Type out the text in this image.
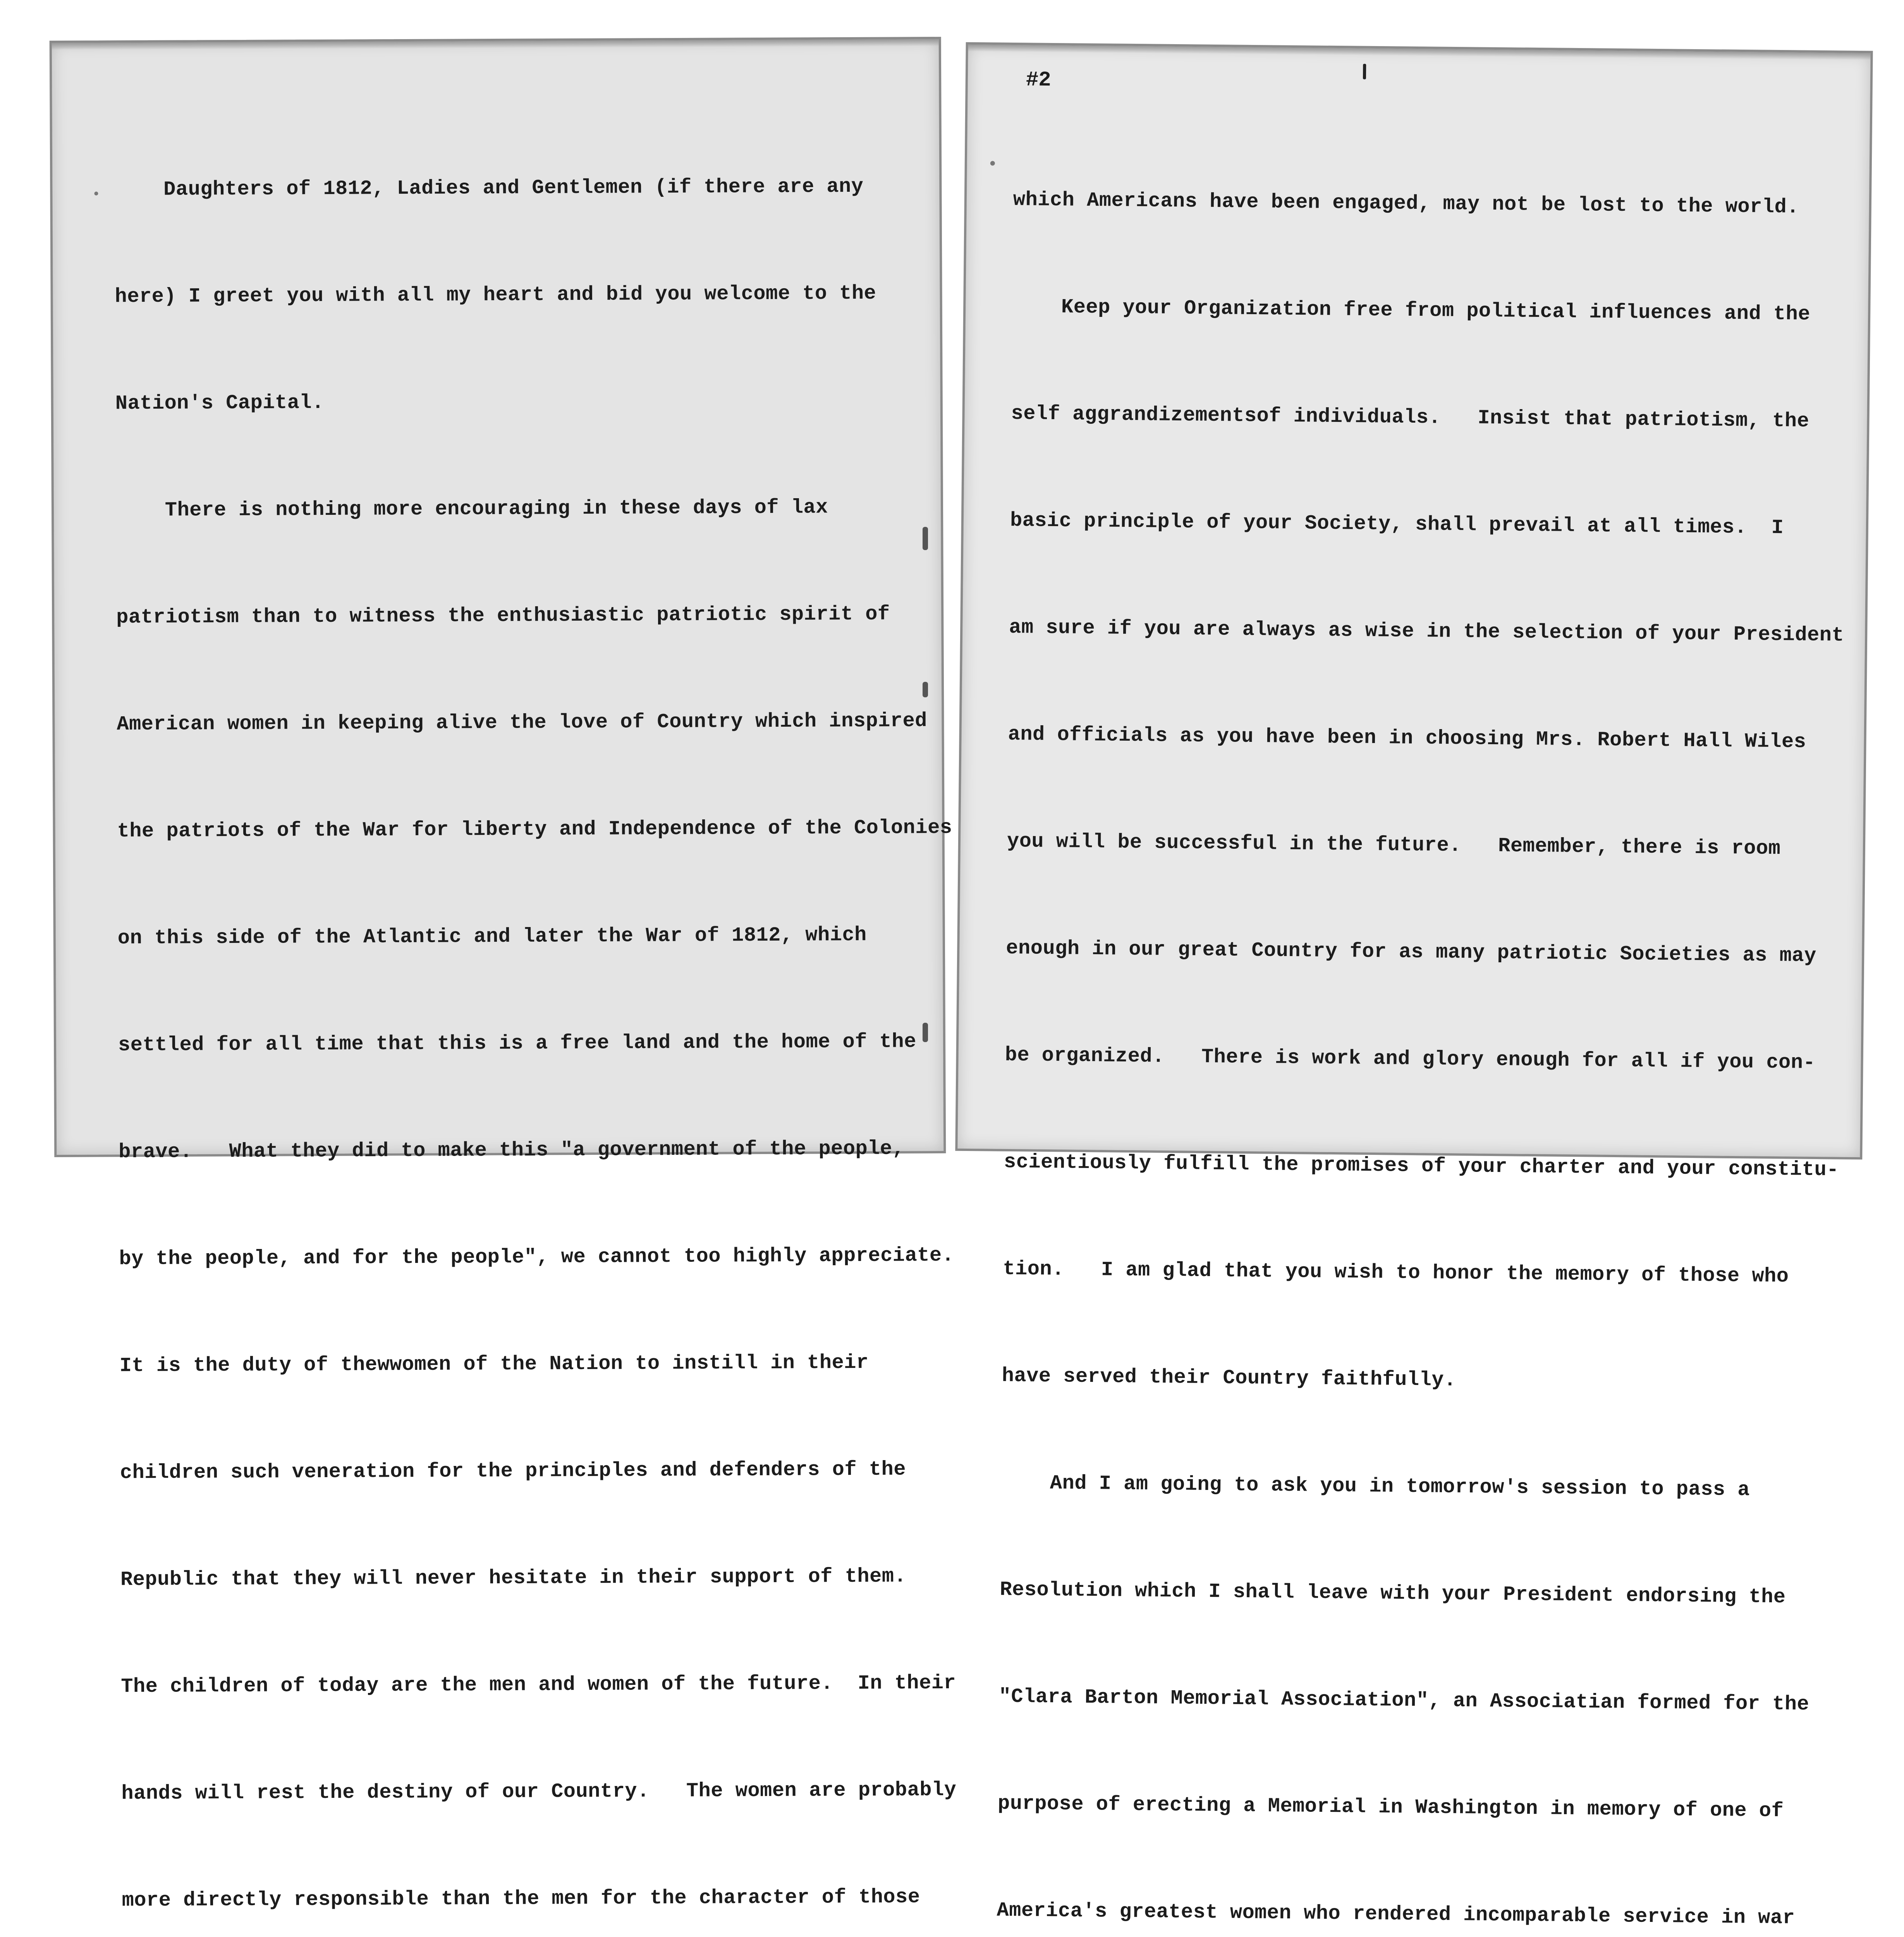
Daughters of 1812, Ladies and Gentlemen (if there are any

here) I greet you with all my heart and bid you welcome to the

Nation's Capital.

There is nothing more encouraging in these days of lax

patriotism than to witness the enthusiastic patriotic spirit of

American women in keeping alive the love of Country which inspired

the patriots of the War for liberty and Independence of the Colonies

on this side of the Atlantic and later the War of 1812, which

settled for all time that this is a free land and the home of the

brave.   What they did to make this "a government of the people,

by the people, and for the people", we cannot too highly appreciate.

It is the duty of thewwomen of the Nation to instill in their

children such veneration for the principles and defenders of the

Republic that they will never hesitate in their support of them.

The children of today are the men and women of the future.  In their

hands will rest the destiny of our Country.   The women are probably

more directly responsible than the men for the character of those

#2

which Americans have been engaged, may not be lost to the world.

Keep your Organization free from political influences and the

self aggrandizementsof individuals.   Insist that patriotism, the

basic principle of your Society, shall prevail at all times.  I

am sure if you are always as wise in the selection of your President

and officials as you have been in choosing Mrs. Robert Hall Wiles

you will be successful in the future.   Remember, there is room

enough in our great Country for as many patriotic Societies as may

be organized.   There is work and glory enough for all if you con-

scientiously fulfill the promises of your charter and your constitu-

tion.   I am glad that you wish to honor the memory of those who

have served their Country faithfully.

And I am going to ask you in tomorrow's session to pass a

Resolution which I shall leave with your President endorsing the

"Clara Barton Memorial Association", an Associatian formed for the

purpose of erecting a Memorial in Washington in memory of one of

America's greatest women who rendered incomparable service in war
